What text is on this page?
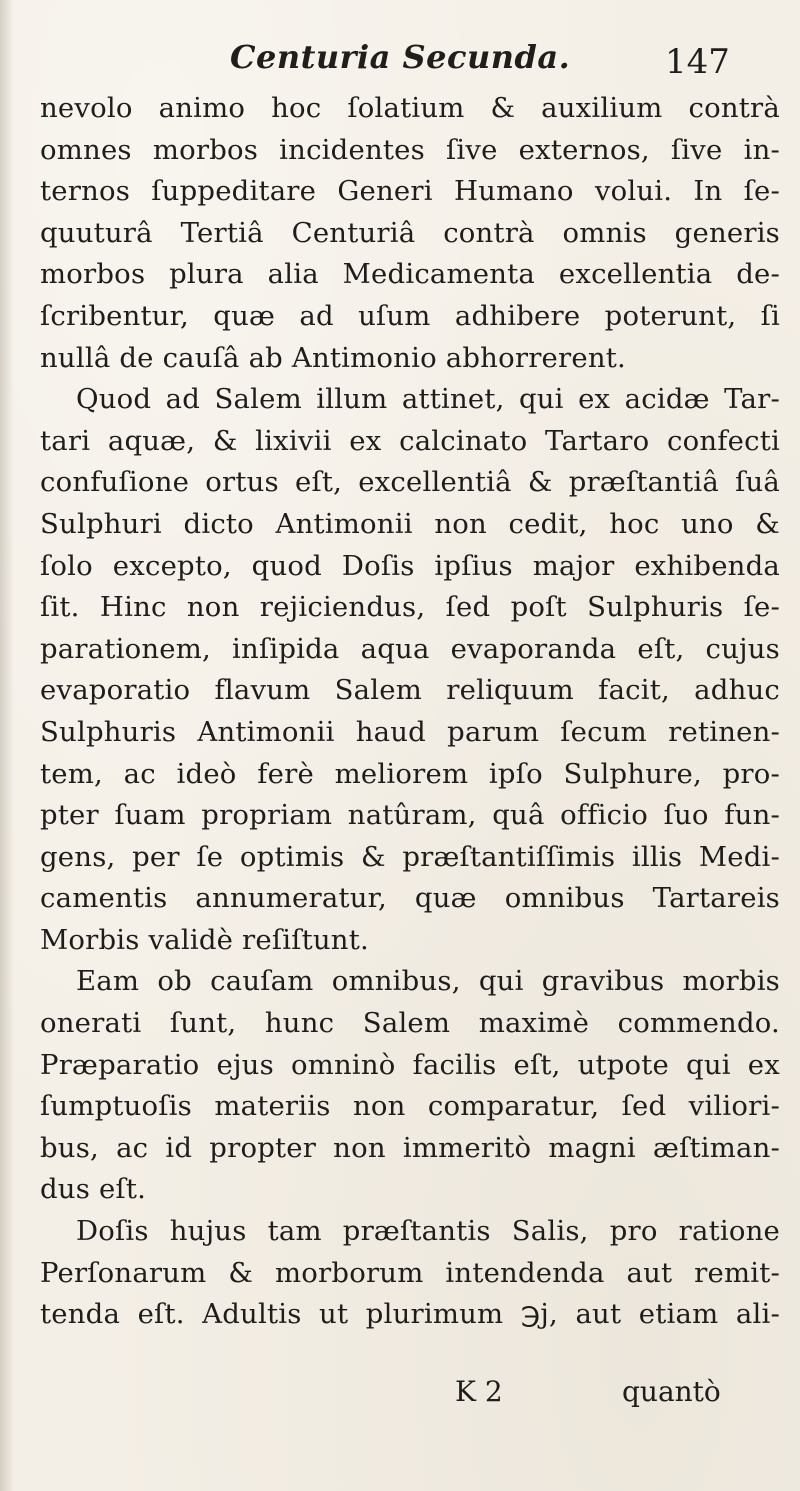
Centuria Secunda.	147
nevolo animo hoc ſolatium & auxilium contrà
omnes morbos incidentes ſive externos, ſive in-
ternos ſuppeditare Generi Humano volui. In ſe-
quuturâ Tertiâ Centuriâ contrà omnis generis
morbos plura alia Medicamenta excellentia de-
ſcribentur, quæ ad uſum adhibere poterunt, ſi
nullâ de cauſâ ab Antimonio abhorrerent.
Quod ad Salem illum attinet, qui ex acidæ Tar-
tari aquæ, & lixivii ex calcinato Tartaro confecti
confuſione ortus eſt, excellentiâ & præſtantiâ ſuâ
Sulphuri dicto Antimonii non cedit, hoc uno &
ſolo excepto, quod Doſis ipſius major exhibenda
ſit. Hinc non rejiciendus, ſed poſt Sulphuris ſe-
parationem, inſipida aqua evaporanda eſt, cujus
evaporatio flavum Salem reliquum facit, adhuc
Sulphuris Antimonii haud parum ſecum retinen-
tem, ac ideò ferè meliorem ipſo Sulphure, pro-
pter ſuam propriam natûram, quâ officio ſuo fun-
gens, per ſe optimis & præſtantiſſimis illis Medi-
camentis annumeratur, quæ omnibus Tartareis
Morbis validè reſiſtunt.
Eam ob cauſam omnibus, qui gravibus morbis
onerati ſunt, hunc Salem maximè commendo.
Præparatio ejus omninò facilis eſt, utpote qui ex
ſumptuoſis materiis non comparatur, ſed viliori-
bus, ac id propter non immeritò magni æſtiman-
dus eſt.
Doſis hujus tam præſtantis Salis, pro ratione
Perſonarum & morborum intendenda aut remit-
tenda eſt. Adultis ut plurimum ℈j, aut etiam ali-
K 2	quantò
